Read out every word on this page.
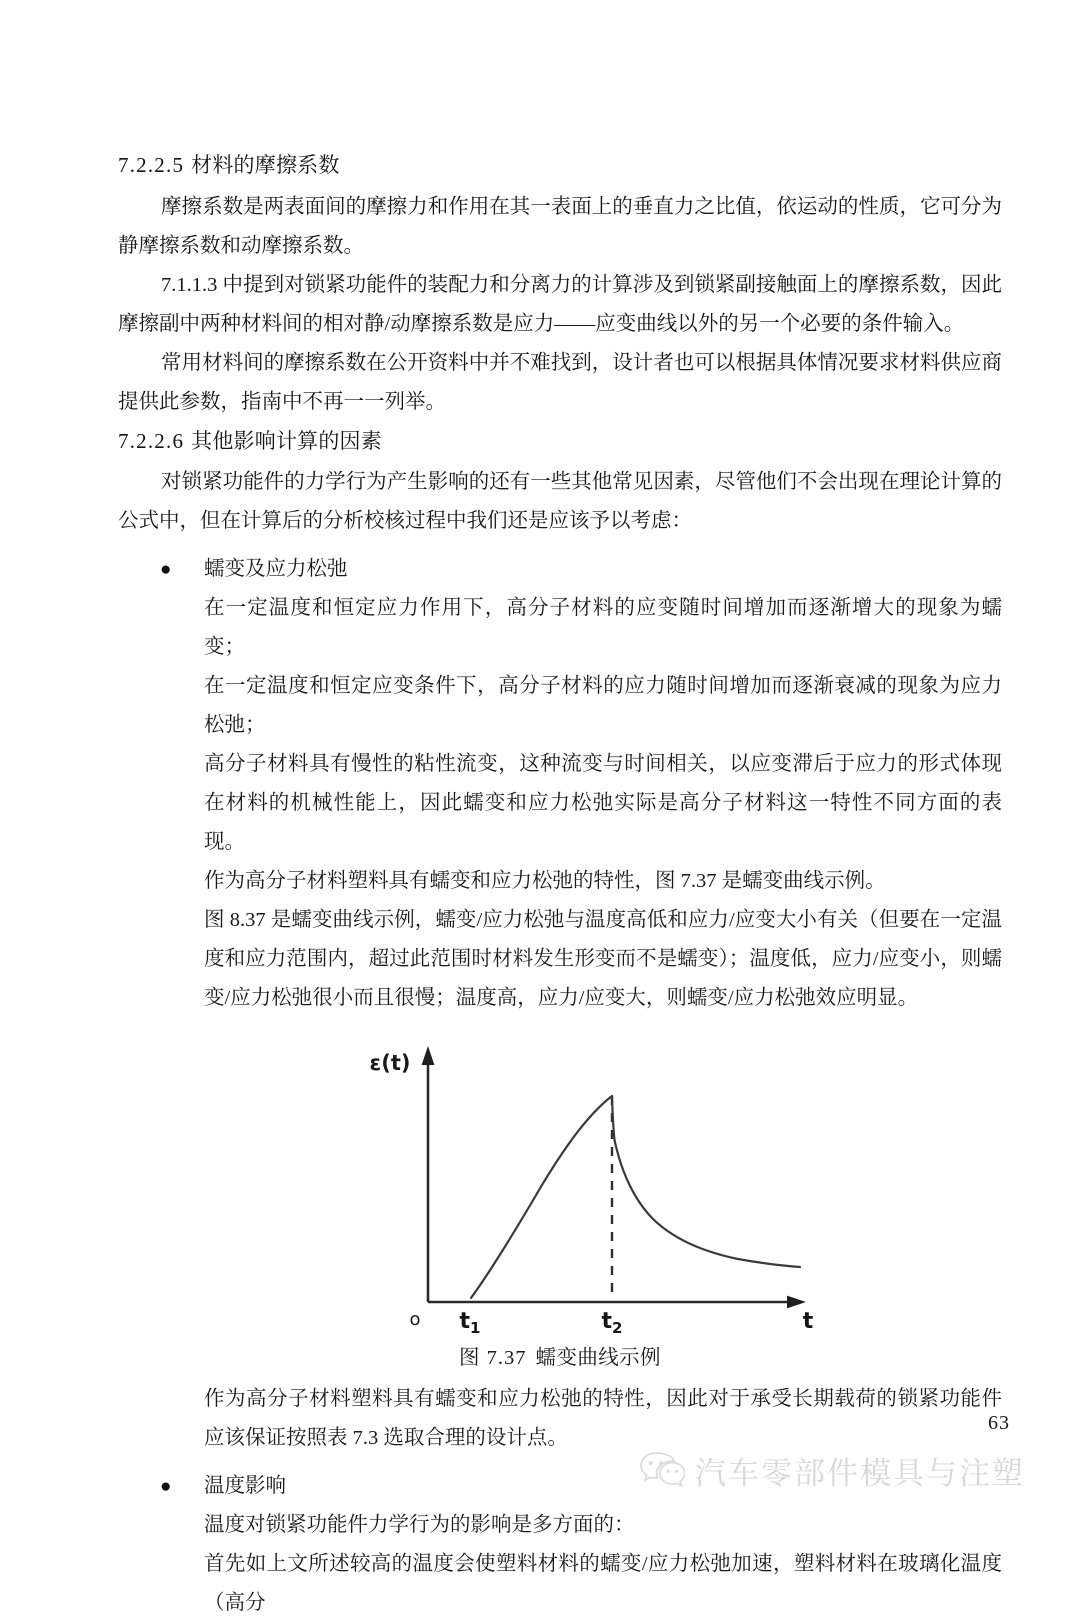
7.2.2.5 材料的摩擦系数

摩擦系数是两表面间的摩擦力和作用在其一表面上的垂直力之比值，依运动的性质，它可分为静摩擦系数和动摩擦系数。

7.1.1.3 中提到对锁紧功能件的装配力和分离力的计算涉及到锁紧副接触面上的摩擦系数，因此摩擦副中两种材料间的相对静/动摩擦系数是应力——应变曲线以外的另一个必要的条件输入。

常用材料间的摩擦系数在公开资料中并不难找到，设计者也可以根据具体情况要求材料供应商提供此参数，指南中不再一一列举。

7.2.2.6 其他影响计算的因素

对锁紧功能件的力学行为产生影响的还有一些其他常见因素，尽管他们不会出现在理论计算的公式中，但在计算后的分析校核过程中我们还是应该予以考虑：

●	蠕变及应力松弛
在一定温度和恒定应力作用下，高分子材料的应变随时间增加而逐渐增大的现象为蠕变；
在一定温度和恒定应变条件下，高分子材料的应力随时间增加而逐渐衰减的现象为应力松弛；
高分子材料具有慢性的粘性流变，这种流变与时间相关，以应变滞后于应力的形式体现在材料的机械性能上，因此蠕变和应力松弛实际是高分子材料这一特性不同方面的表现。
作为高分子材料塑料具有蠕变和应力松弛的特性，图 7.37 是蠕变曲线示例。
图 8.37 是蠕变曲线示例，蠕变/应力松弛与温度高低和应力/应变大小有关（但要在一定温度和应力范围内，超过此范围时材料发生形变而不是蠕变）；温度低，应力/应变小，则蠕变/应力松弛很小而且很慢；温度高，应力/应变大，则蠕变/应力松弛效应明显。
ε(t)
o $t_1$	$t_2$	t
图 7.37 蠕变曲线示例
作为高分子材料塑料具有蠕变和应力松弛的特性，因此对于承受长期载荷的锁紧功能件应该保证按照表 7.3 选取合理的设计点。
●	温度影响
温度对锁紧功能件力学行为的影响是多方面的：
首先如上文所述较高的温度会使塑料材料的蠕变/应力松弛加速，塑料材料在玻璃化温度（高分
63
汽车零部件模具与注塑
